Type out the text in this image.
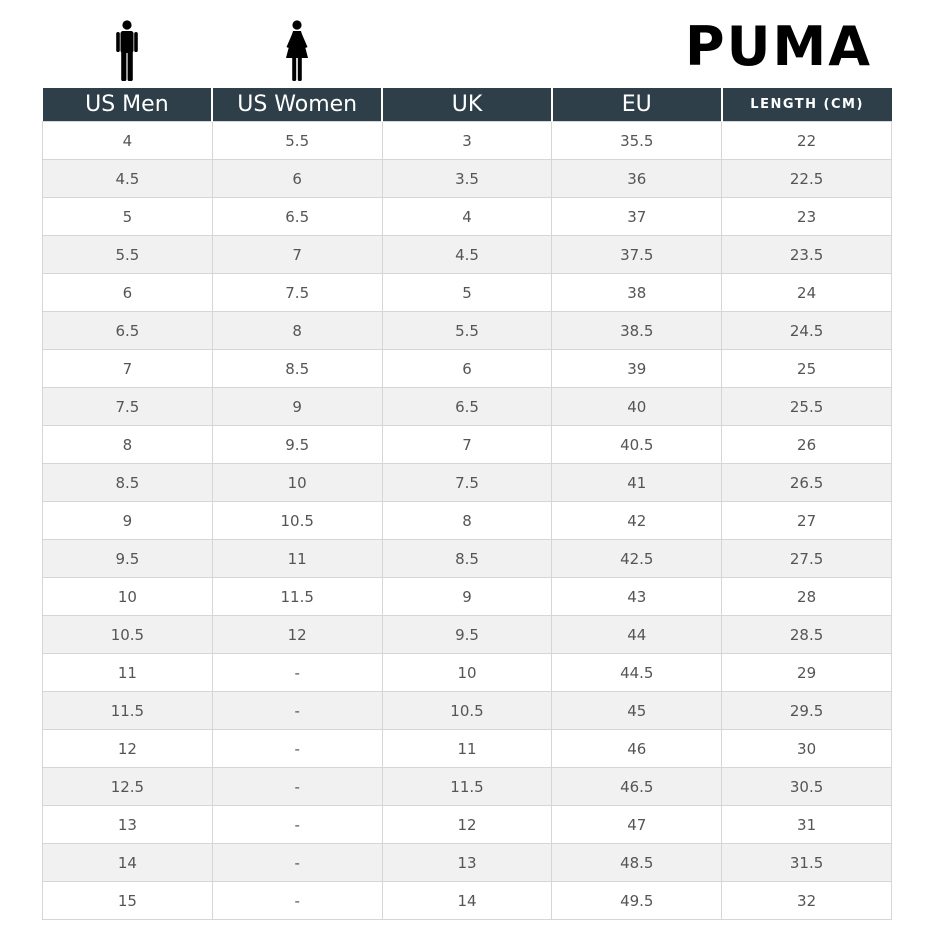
PUMA
US Men	US Women	UK	EU	LENGTH (CM)
4	5.5	3	35.5	22
4.5	6	3.5	36	22.5
5	6.5	4	37	23
5.5	7	4.5	37.5	23.5
6	7.5	5	38	24
6.5	8	5.5	38.5	24.5
7	8.5	6	39	25
7.5	9	6.5	40	25.5
8	9.5	7	40.5	26
8.5	10	7.5	41	26.5
9	10.5	8	42	27
9.5	11	8.5	42.5	27.5
10	11.5	9	43	28
10.5	12	9.5	44	28.5
11	-	10	44.5	29
11.5	-	10.5	45	29.5
12	-	11	46	30
12.5	-	11.5	46.5	30.5
13	-	12	47	31
14	-	13	48.5	31.5
15	-	14	49.5	32
